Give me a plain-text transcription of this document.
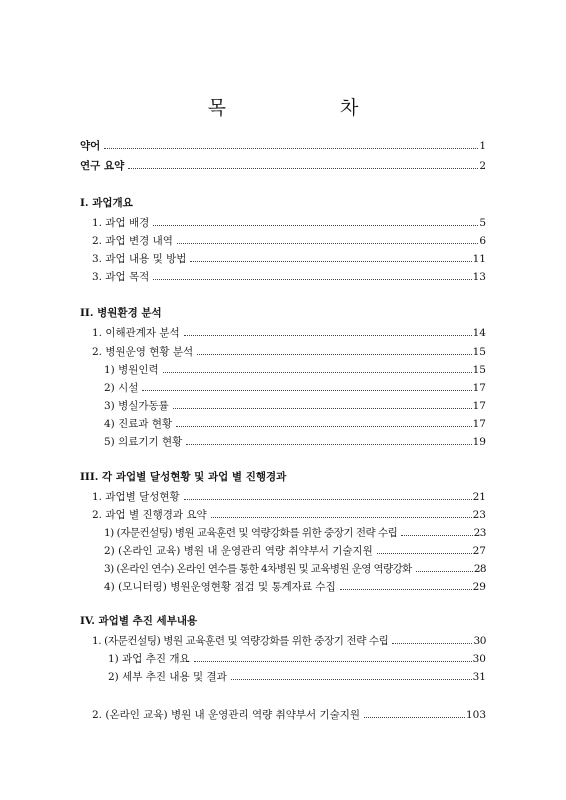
목 차
약어	1
연구 요약	2
I. 과업개요
1. 과업 배경	5
2. 과업 변경 내역	6
3. 과업 내용 및 방법	11
3. 과업 목적	13
II. 병원환경 분석
1. 이해관계자 분석	14
2. 병원운영 현황 분석	15
1) 병원인력	15
2) 시설	17
3) 병실가동률	17
4) 진료과 현황	17
5) 의료기기 현황	19
III. 각 과업별 달성현황 및 과업 별 진행경과
1. 과업별 달성현황	21
2. 과업 별 진행경과 요약	23
1) (자문컨설팅) 병원 교육훈련 및 역량강화를 위한 중장기 전략 수립	23
2) (온라인 교육) 병원 내 운영관리 역량 취약부서 기술지원	27
3) (온라인 연수) 온라인 연수를 통한 4차병원 및 교육병원 운영 역량강화	28
4) (모니터링) 병원운영현황 점검 및 통계자료 수집	29
IV. 과업별 추진 세부내용
1. (자문컨설팅) 병원 교육훈련 및 역량강화를 위한 중장기 전략 수립	30
1) 과업 추진 개요	30
2) 세부 추진 내용 및 결과	31
2. (온라인 교육) 병원 내 운영관리 역량 취약부서 기술지원	103
